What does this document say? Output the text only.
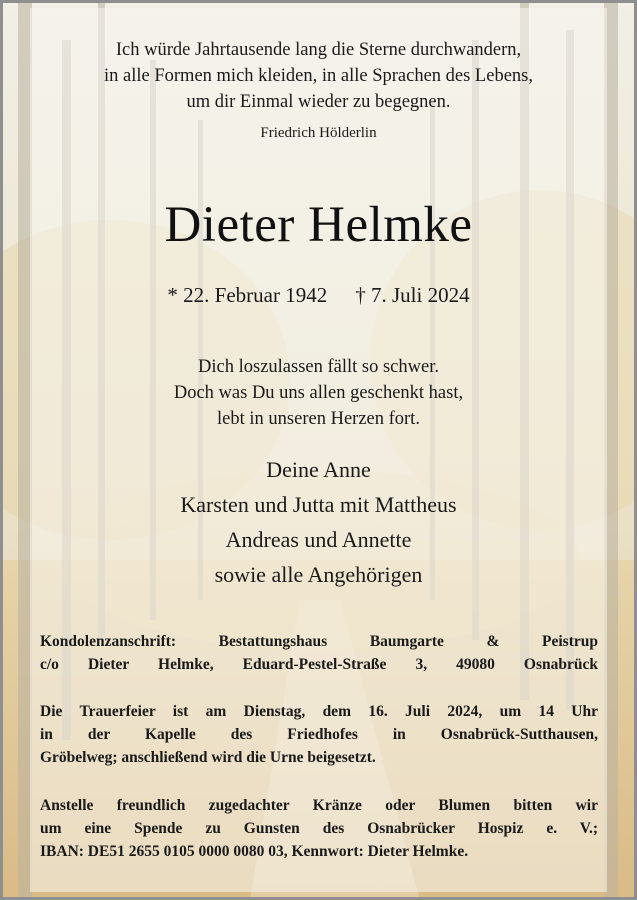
Ich würde Jahrtausende lang die Sterne durchwandern,
in alle Formen mich kleiden, in alle Sprachen des Lebens,
um dir Einmal wieder zu begegnen.
Friedrich Hölderlin
Dieter Helmke
* 22. Februar 1942 † 7. Juli 2024
Dich loszulassen fällt so schwer.
Doch was Du uns allen geschenkt hast,
lebt in unseren Herzen fort.
Deine Anne
Karsten und Jutta mit Mattheus
Andreas und Annette
sowie alle Angehörigen
Kondolenzanschrift: Bestattungshaus Baumgarte & Peistrup
c/o Dieter Helmke, Eduard-Pestel-Straße 3, 49080 Osnabrück
Die Trauerfeier ist am Dienstag, dem 16. Juli 2024, um 14 Uhr
in der Kapelle des Friedhofes in Osnabrück-Sutthausen,
Gröbelweg; anschließend wird die Urne beigesetzt.
Anstelle freundlich zugedachter Kränze oder Blumen bitten wir
um eine Spende zu Gunsten des Osnabrücker Hospiz e. V.;
IBAN: DE51 2655 0105 0000 0080 03, Kennwort: Dieter Helmke.
